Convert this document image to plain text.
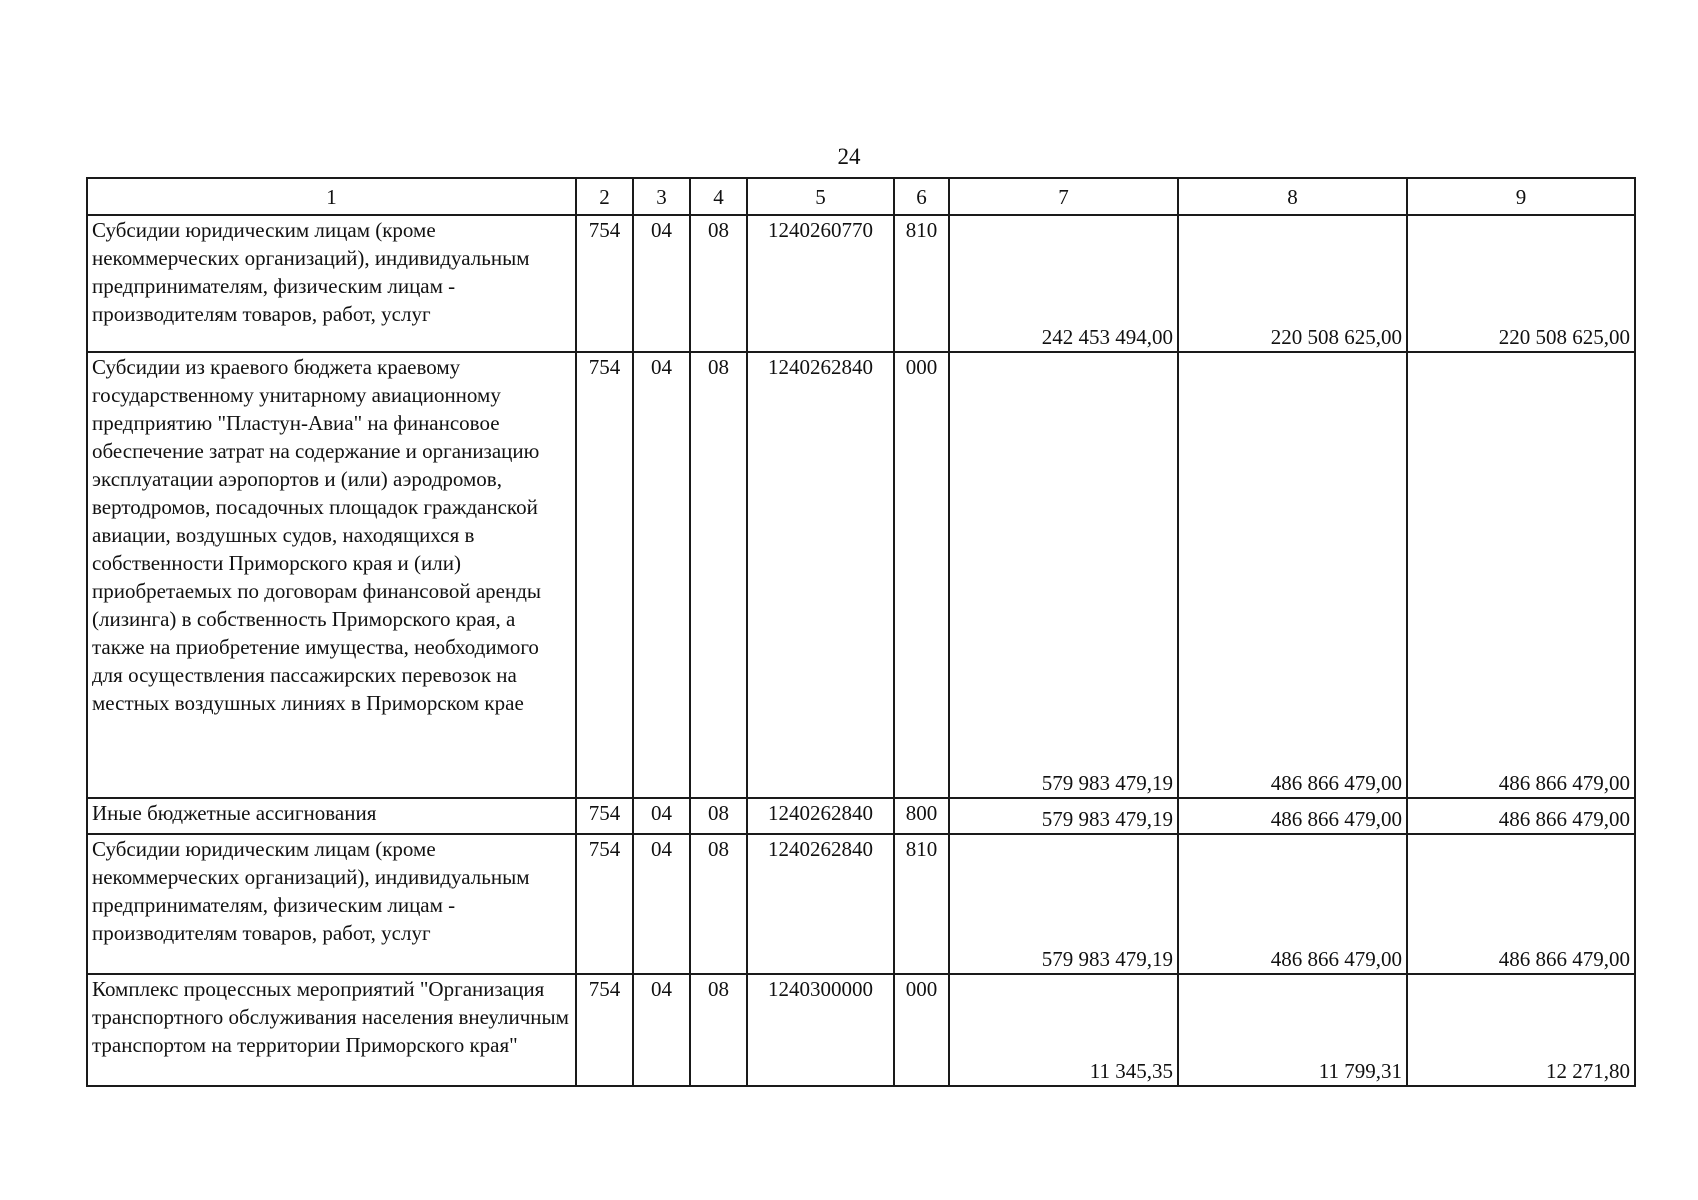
24
1	2	3	4	5	6	7	8	9
Субсидии юридическим лицам (кроме некоммерческих организаций), индивидуальным предпринимателям, физическим лицам - производителям товаров, работ, услуг	754	04	08	1240260770	810	242 453 494,00	220 508 625,00	220 508 625,00
Субсидии из краевого бюджета краевому государственному унитарному авиационному предприятию "Пластун-Авиа" на финансовое обеспечение затрат на содержание и организацию эксплуатации аэропортов и (или) аэродромов, вертодромов, посадочных площадок гражданской авиации, воздушных судов, находящихся в собственности Приморского края и (или) приобретаемых по договорам финансовой аренды (лизинга) в собственность Приморского края, а также на приобретение имущества, необходимого для осуществления пассажирских перевозок на местных воздушных линиях в Приморском крае	754	04	08	1240262840	000	579 983 479,19	486 866 479,00	486 866 479,00
Иные бюджетные ассигнования	754	04	08	1240262840	800	579 983 479,19	486 866 479,00	486 866 479,00
Субсидии юридическим лицам (кроме некоммерческих организаций), индивидуальным предпринимателям, физическим лицам - производителям товаров, работ, услуг	754	04	08	1240262840	810	579 983 479,19	486 866 479,00	486 866 479,00
Комплекс процессных мероприятий "Организация транспортного обслуживания населения внеуличным транспортом на территории Приморского края"	754	04	08	1240300000	000	11 345,35	11 799,31	12 271,80
